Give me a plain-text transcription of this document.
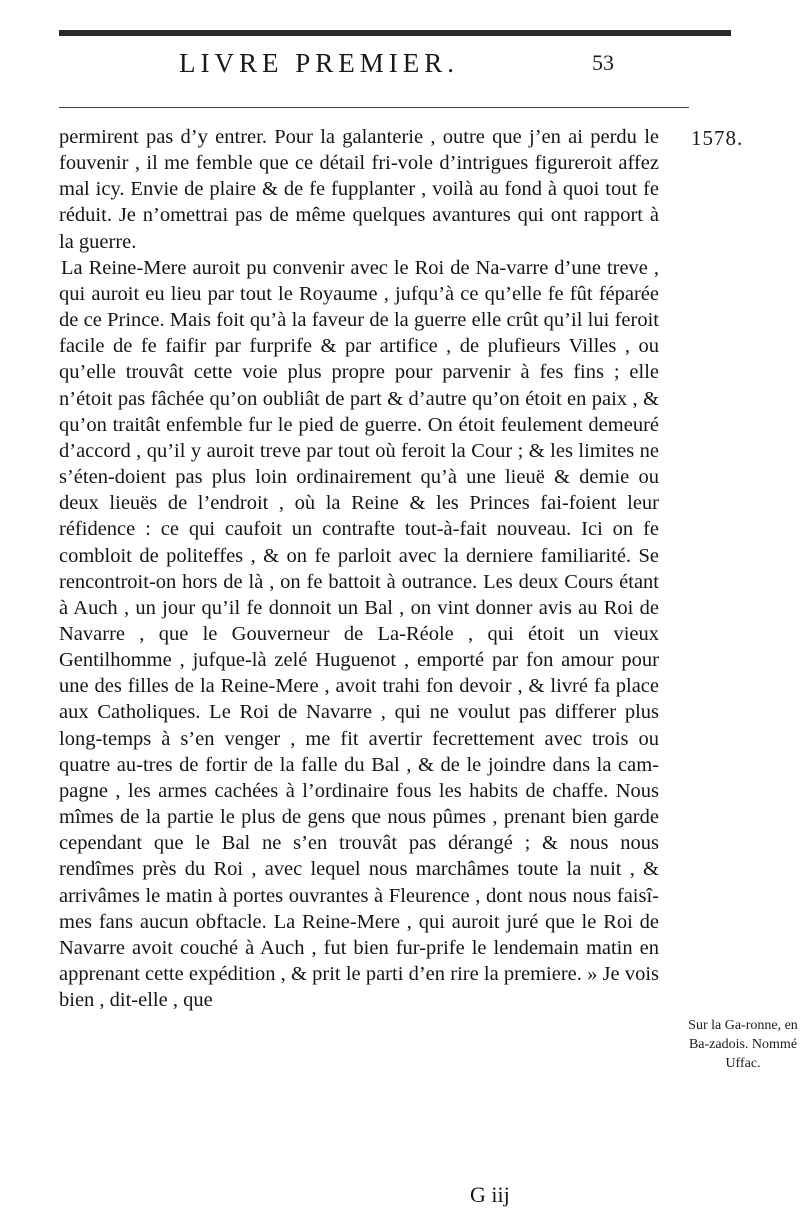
LIVRE PREMIER.	53
1578.

permirent pas d’y entrer. Pour la galanterie , outre que j’en ai perdu le fouvenir , il me femble que ce détail fri-vole d’intrigues figureroit affez mal icy. Envie de plaire & de fe fupplanter , voilà au fond à quoi tout fe réduit. Je n’omettrai pas de même quelques avantures qui ont rapport à la guerre.

La Reine-Mere auroit pu convenir avec le Roi de Na-varre d’une treve , qui auroit eu lieu par tout le Royaume , jufqu’à ce qu’elle fe fût féparée de ce Prince. Mais foit qu’à la faveur de la guerre elle crût qu’il lui feroit facile de fe faifir par furprife & par artifice , de plufieurs Villes , ou qu’elle trouvât cette voie plus propre pour parvenir à fes fins ; elle n’étoit pas fâchée qu’on oubliât de part & d’autre qu’on étoit en paix , & qu’on traitât enfemble fur le pied de guerre. On étoit feulement demeuré d’accord , qu’il y auroit treve par tout où feroit la Cour ; & les limites ne s’éten-doient pas plus loin ordinairement qu’à une lieuë & demie ou deux lieuës de l’endroit , où la Reine & les Princes fai-foient leur réfidence : ce qui caufoit un contrafte tout-à-fait nouveau. Ici on fe combloit de politeffes , & on fe parloit avec la derniere familiarité. Se rencontroit-on hors de là , on fe battoit à outrance. Les deux Cours étant à Auch , un jour qu’il fe donnoit un Bal , on vint donner avis au Roi de Navarre , que le Gouverneur de La-Réole , qui étoit un vieux Gentilhomme , jufque-là zelé Huguenot , emporté par fon amour pour une des filles de la Reine-Mere , avoit trahi fon devoir , & livré fa place aux Catholiques. Le Roi de Navarre , qui ne voulut pas differer plus long-temps à s’en venger , me fit avertir fecrettement avec trois ou quatre au-tres de fortir de la falle du Bal , & de le joindre dans la cam-pagne , les armes cachées à l’ordinaire fous les habits de chaffe. Nous mîmes de la partie le plus de gens que nous pûmes , prenant bien garde cependant que le Bal ne s’en trouvât pas dérangé ; & nous nous rendîmes près du Roi , avec lequel nous marchâmes toute la nuit , & arrivâmes le matin à portes ouvrantes à Fleurence , dont nous nous faisî-mes fans aucun obftacle. La Reine-Mere , qui auroit juré que le Roi de Navarre avoit couché à Auch , fut bien fur-prife le lendemain matin en apprenant cette expédition , & prit le parti d’en rire la premiere. » Je vois bien , dit-elle , que

Sur la Ga-ronne, en Ba-zadois. Nommé Uffac.
G iij
